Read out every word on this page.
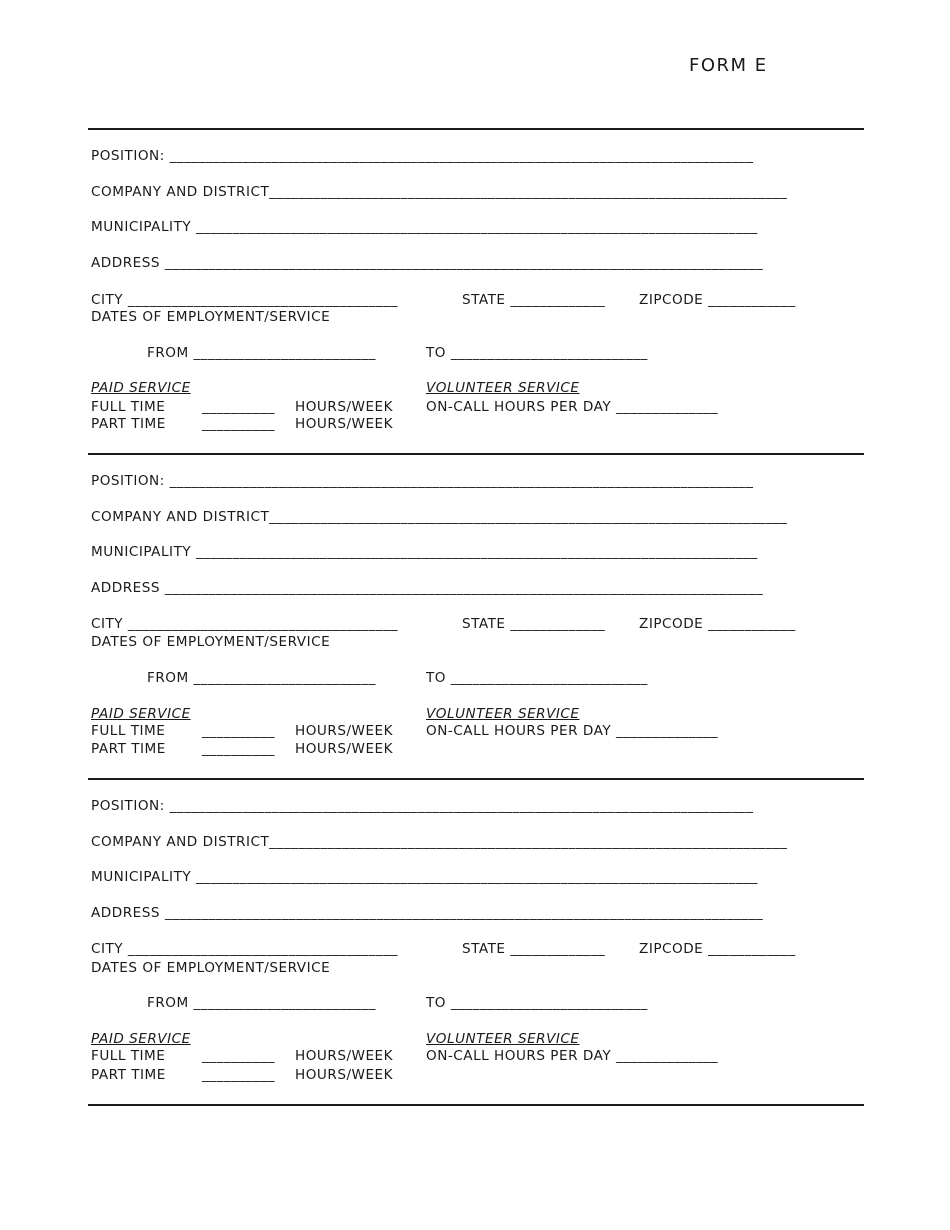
FORM E
POSITION: ________________________________________________________________________________
COMPANY AND DISTRICT_______________________________________________________________________
MUNICIPALITY _____________________________________________________________________________
ADDRESS __________________________________________________________________________________
CITY _____________________________________	STATE _____________ ZIPCODE ____________
DATES OF EMPLOYMENT/SERVICE
FROM _________________________	TO ___________________________
PAID SERVICE	VOLUNTEER SERVICE
FULL TIME	__________ HOURS/WEEK ON-CALL HOURS PER DAY ______________
PART TIME	__________ HOURS/WEEK
POSITION: ________________________________________________________________________________
COMPANY AND DISTRICT_______________________________________________________________________
MUNICIPALITY _____________________________________________________________________________
ADDRESS __________________________________________________________________________________
CITY _____________________________________	STATE _____________ ZIPCODE ____________
DATES OF EMPLOYMENT/SERVICE
FROM _________________________	TO ___________________________
PAID SERVICE	VOLUNTEER SERVICE
FULL TIME	__________ HOURS/WEEK ON-CALL HOURS PER DAY ______________
PART TIME	__________ HOURS/WEEK
POSITION: ________________________________________________________________________________
COMPANY AND DISTRICT_______________________________________________________________________
MUNICIPALITY _____________________________________________________________________________
ADDRESS __________________________________________________________________________________
CITY _____________________________________	STATE _____________ ZIPCODE ____________
DATES OF EMPLOYMENT/SERVICE
FROM _________________________	TO ___________________________
PAID SERVICE	VOLUNTEER SERVICE
FULL TIME	__________ HOURS/WEEK ON-CALL HOURS PER DAY ______________
PART TIME	__________ HOURS/WEEK
